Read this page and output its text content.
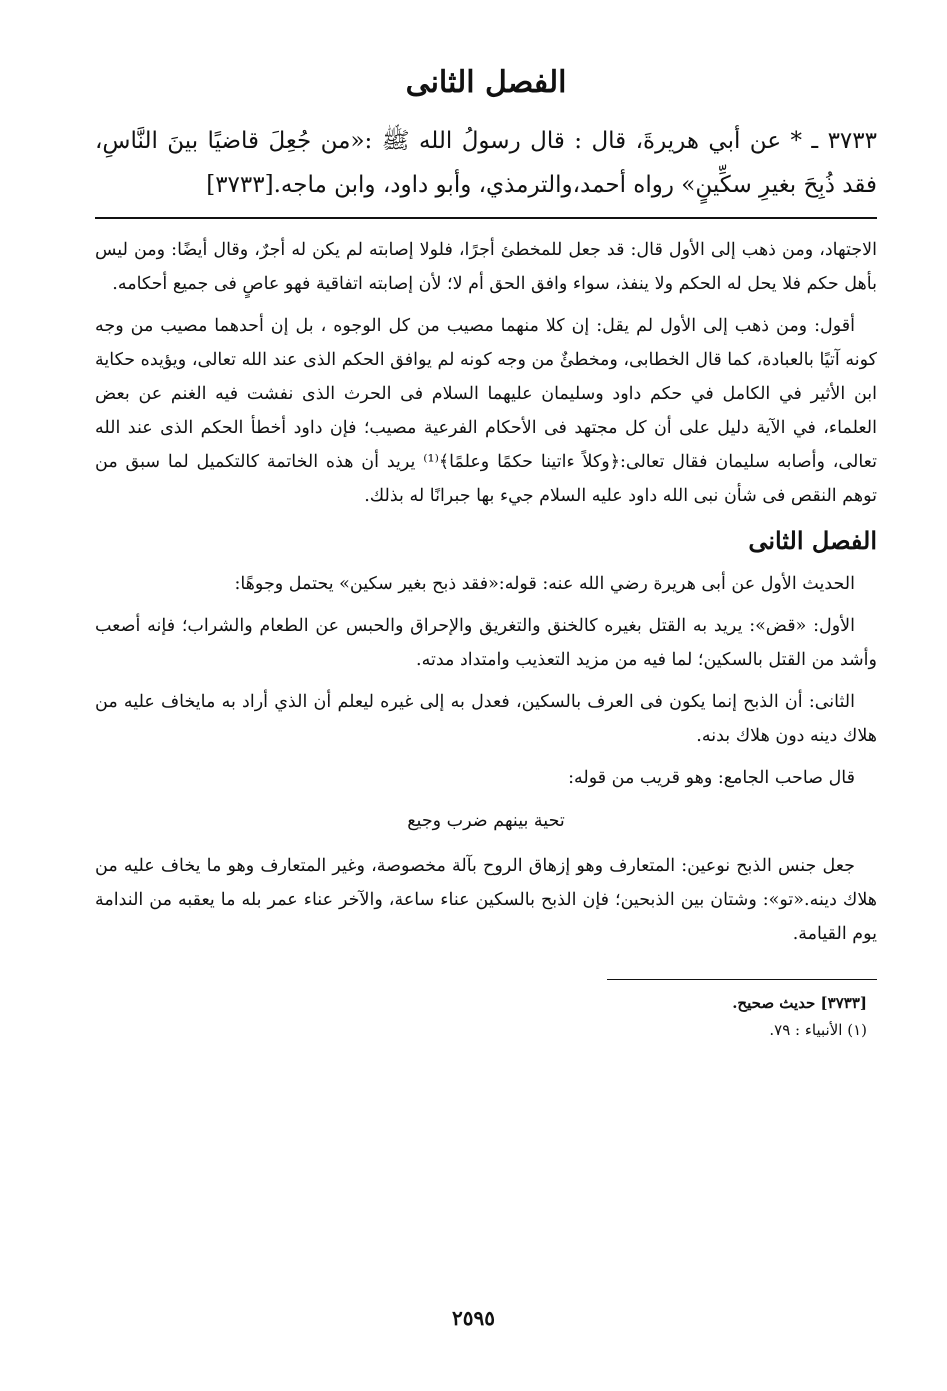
الفصل الثانى

٣٧٣٣ ـ * عن أبي هريرةَ، قال : قال رسولُ الله ﷺ :«من جُعِلَ قاضيًا بينَ النَّاسِ، فقد ذُبِحَ بغيرِ سكِّينٍ» رواه أحمد،والترمذي، وأبو داود، وابن ماجه.[٣٧٣٣]

الاجتهاد، ومن ذهب إلى الأول قال: قد جعل للمخطئ أجرًا، فلولا إصابته لم يكن له أجرٌ، وقال أيضًا: ومن ليس بأهل حكم فلا يحل له الحكم ولا ينفذ، سواء وافق الحق أم لا؛ لأن إصابته اتفاقية فهو عاصٍ فى جميع أحكامه.

أقول: ومن ذهب إلى الأول لم يقل: إن كلا منهما مصيب من كل الوجوه ، بل إن أحدهما مصيب من وجه كونه آتيًا بالعبادة، كما قال الخطابى، ومخطئٌ من وجه كونه لم يوافق الحكم الذى عند الله تعالى، ويؤيده حكاية ابن الأثير في الكامل في حكم داود وسليمان عليهما السلام فى الحرث الذى نفشت فيه الغنم عن بعض العلماء، في الآية دليل على أن كل مجتهد فى الأحكام الفرعية مصيب؛ فإن داود أخطأ الحكم الذى عند الله تعالى، وأصابه سليمان فقال تعالى:﴿وكلاً ءاتينا حكمًا وعلمًا﴾⁽¹⁾ يريد أن هذه الخاتمة كالتكميل لما سبق من توهم النقص فى شأن نبى الله داود عليه السلام جيء بها جبرانًا له بذلك.

الفصل الثانى

الحديث الأول عن أبى هريرة رضي الله عنه: قوله:«فقد ذبح بغير سكين» يحتمل وجوهًا:

الأول: «قض»: يريد به القتل بغيره كالخنق والتغريق والإحراق والحبس عن الطعام والشراب؛ فإنه أصعب وأشد من القتل بالسكين؛ لما فيه من مزيد التعذيب وامتداد مدته.

الثانى: أن الذبح إنما يكون فى العرف بالسكين، فعدل به إلى غيره ليعلم أن الذي أراد به مايخاف عليه من هلاك دينه دون هلاك بدنه.

قال صاحب الجامع: وهو قريب من قوله:

تحية بينهم ضرب وجيع

جعل جنس الذبح نوعين: المتعارف وهو إزهاق الروح بآلة مخصوصة، وغير المتعارف وهو ما يخاف عليه من هلاك دينه.«تو»: وشتان بين الذبحين؛ فإن الذبح بالسكين عناء ساعة، والآخر عناء عمر بله ما يعقبه من الندامة يوم القيامة.

[٣٧٣٣] حديث صحيح.

(١) الأنبياء : ٧٩.

٢٥٩٥
